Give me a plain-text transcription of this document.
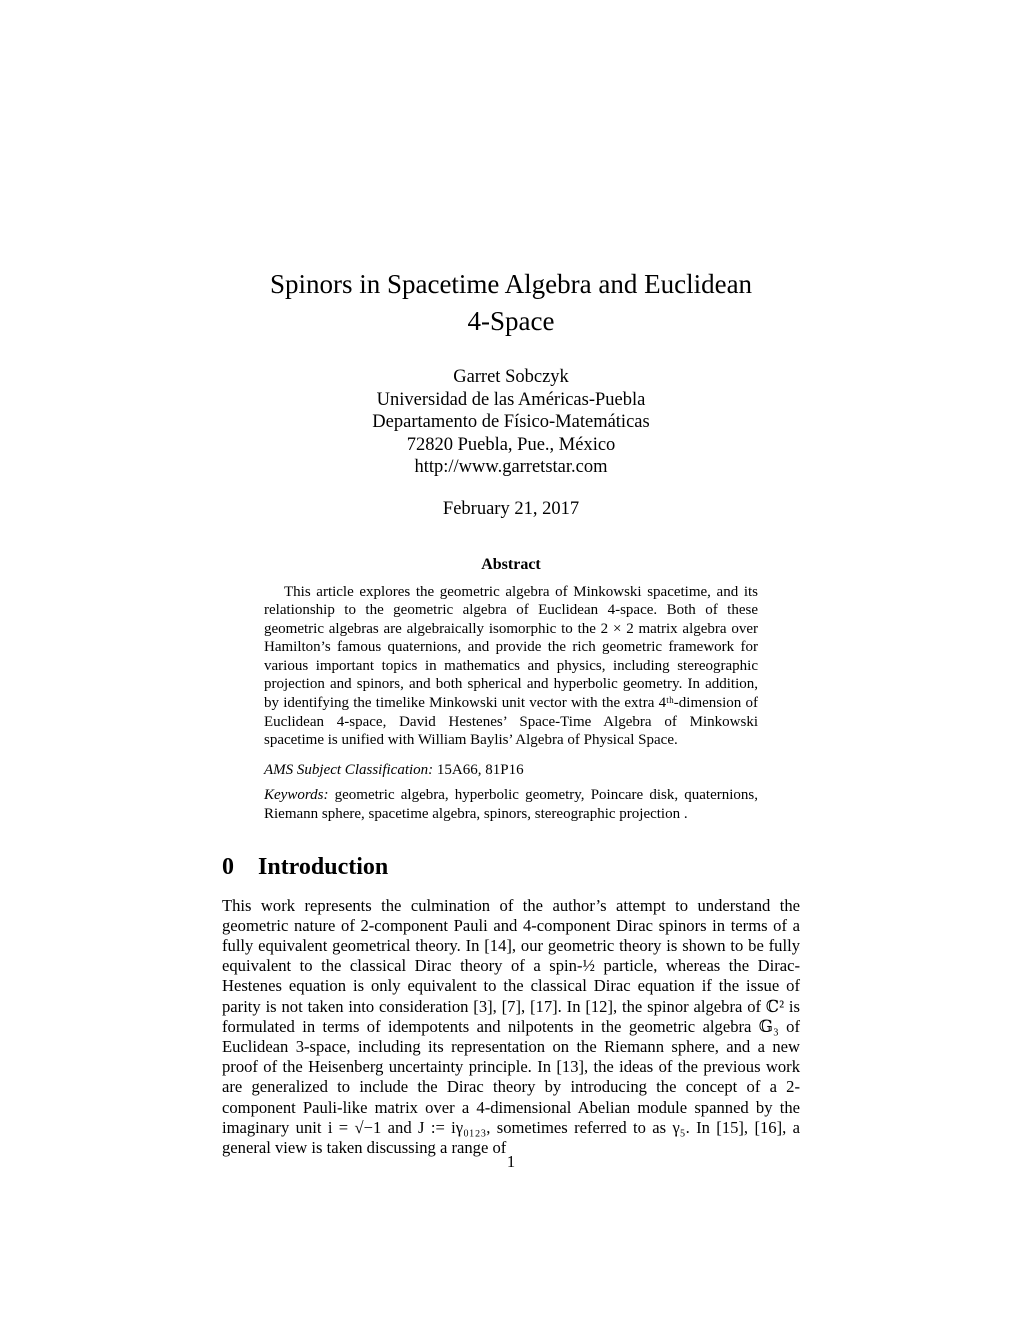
Spinors in Spacetime Algebra and Euclidean
4-Space
Garret Sobczyk
Universidad de las Américas-Puebla
Departamento de Físico-Matemáticas
72820 Puebla, Pue., México
http://www.garretstar.com
February 21, 2017
Abstract

This article explores the geometric algebra of Minkowski spacetime, and its relationship to the geometric algebra of Euclidean 4-space. Both of these geometric algebras are algebraically isomorphic to the 2 × 2 matrix algebra over Hamilton’s famous quaternions, and provide the rich geometric framework for various important topics in mathematics and physics, including stereographic projection and spinors, and both spherical and hyperbolic geometry. In addition, by identifying the timelike Minkowski unit vector with the extra 4ᵗʰ-dimension of Euclidean 4-space, David Hestenes’ Space-Time Algebra of Minkowski spacetime is unified with William Baylis’ Algebra of Physical Space.

AMS Subject Classification: 15A66, 81P16

Keywords: geometric algebra, hyperbolic geometry, Poincare disk, quaternions, Riemann sphere, spacetime algebra, spinors, stereographic projection .

0 Introduction

This work represents the culmination of the author’s attempt to understand the geometric nature of 2-component Pauli and 4-component Dirac spinors in terms of a fully equivalent geometrical theory. In [14], our geometric theory is shown to be fully equivalent to the classical Dirac theory of a spin-½ particle, whereas the Dirac-Hestenes equation is only equivalent to the classical Dirac equation if the issue of parity is not taken into consideration [3], [7], [17]. In [12], the spinor algebra of ℂ² is formulated in terms of idempotents and nilpotents in the geometric algebra 𝔾₃ of Euclidean 3-space, including its representation on the Riemann sphere, and a new proof of the Heisenberg uncertainty principle. In [13], the ideas of the previous work are generalized to include the Dirac theory by introducing the concept of a 2-component Pauli-like matrix over a 4-dimensional Abelian module spanned by the imaginary unit i = √−1 and J := iγ₀₁₂₃, sometimes referred to as γ₅. In [15], [16], a general view is taken discussing a range of

1
